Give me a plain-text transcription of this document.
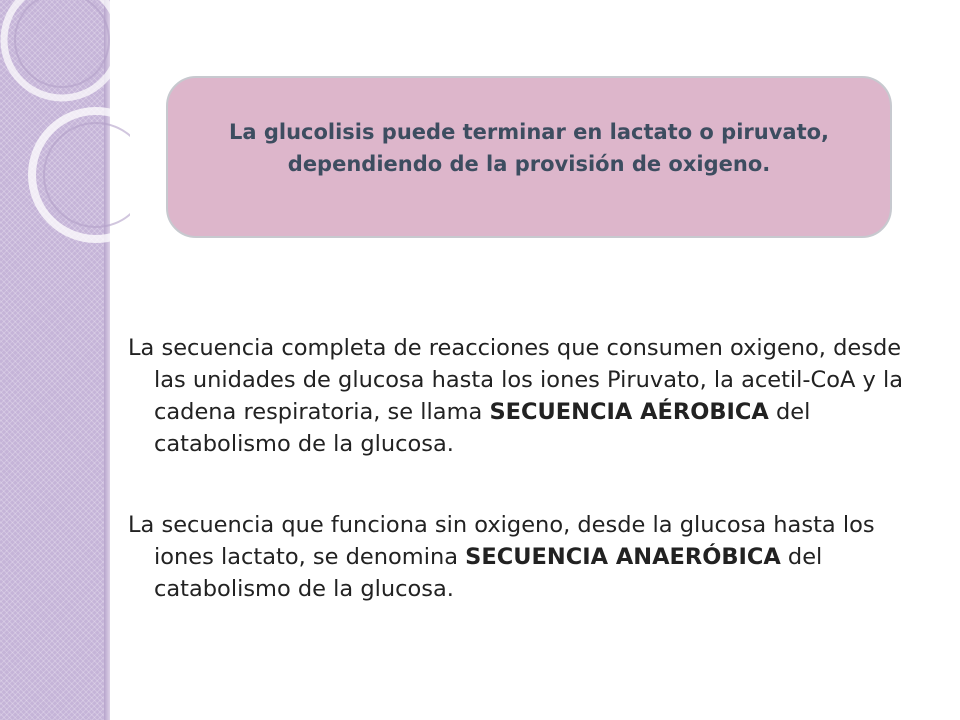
La glucolisis puede terminar en lactato o piruvato,

dependiendo de la provisión de oxigeno.

La secuencia completa de reacciones que consumen oxigeno, desde las unidades de glucosa hasta los iones Piruvato, la acetil-CoA y la cadena respiratoria, se llama SECUENCIA AÉROBICA del catabolismo de la glucosa.

La secuencia que funciona sin oxigeno, desde la glucosa hasta los iones lactato, se denomina SECUENCIA ANAERÓBICA del catabolismo de la glucosa.
